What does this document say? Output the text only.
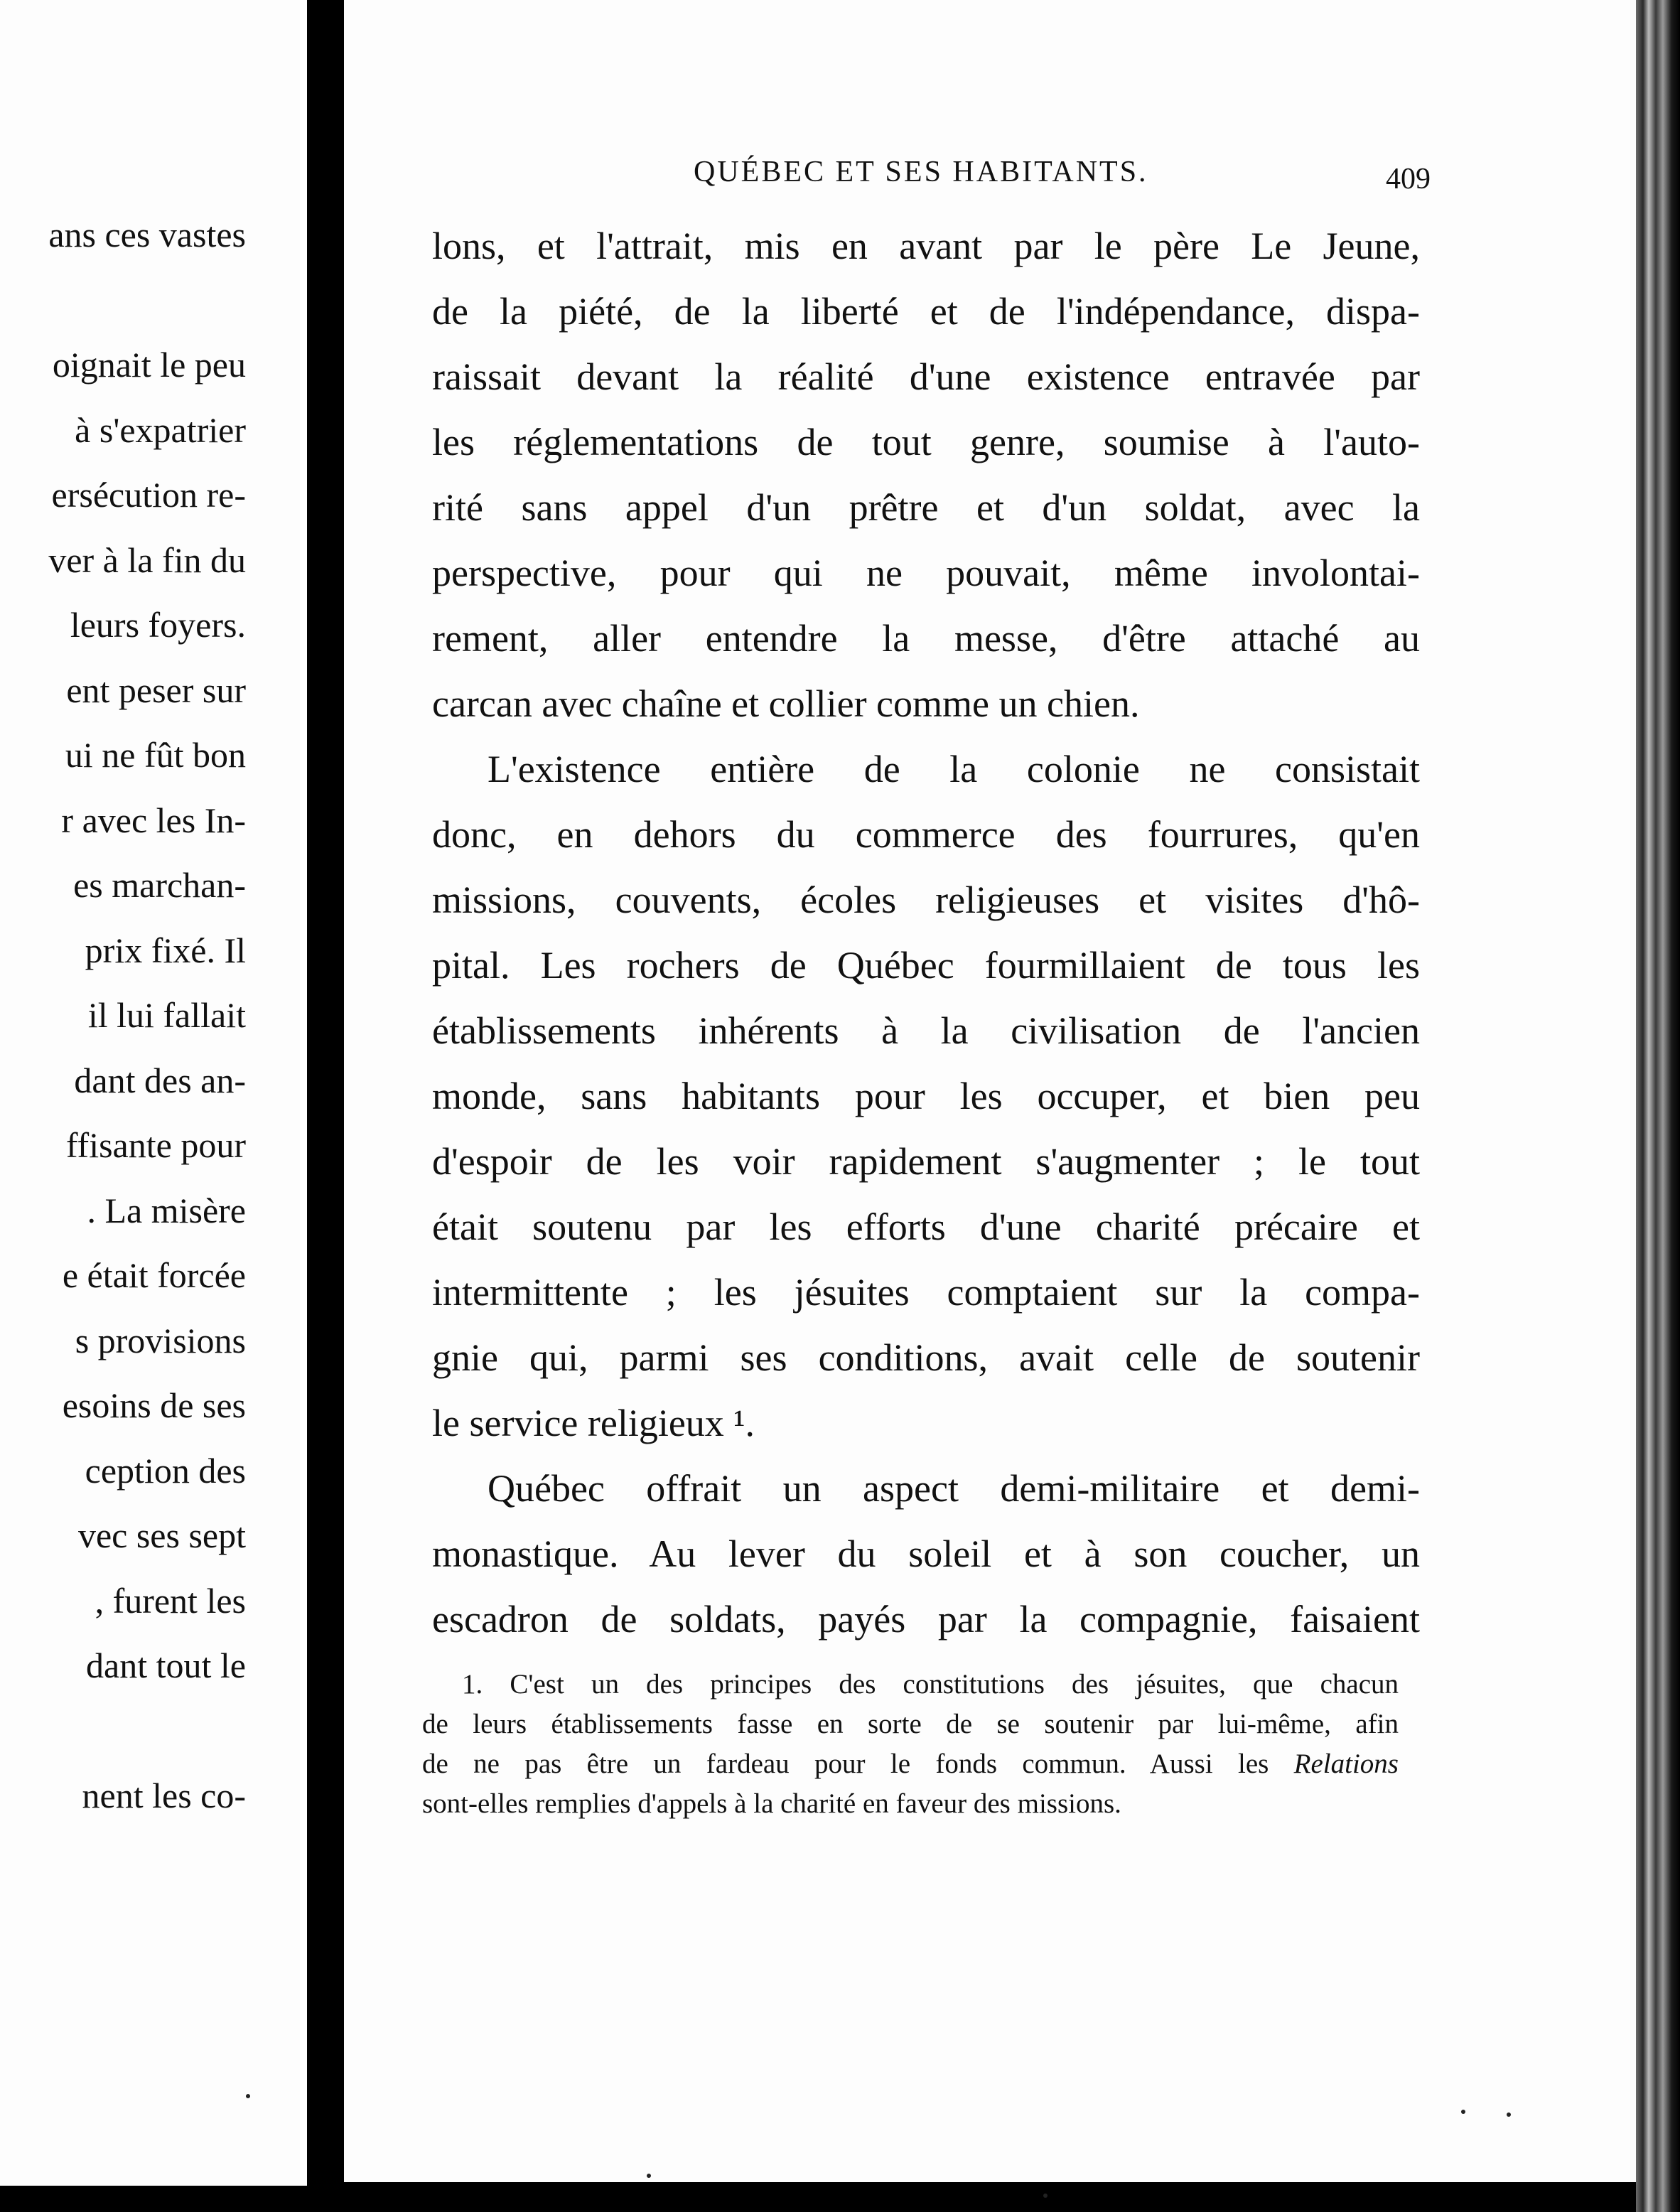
ans ces vastes
oignait le peu
à s'expatrier
ersécution re-
ver à la fin du
leurs foyers.
ent peser sur
ui ne fût bon
r avec les In-
es marchan-
prix fixé. Il
il lui fallait
dant des an-
ffisante pour
. La misère
e était forcée
s provisions
esoins de ses
ception des
vec ses sept
, furent les
dant tout le
nent les co-
QUÉBEC ET SES HABITANTS.	409
lons, et l'attrait, mis en avant par le père Le Jeune,
de la piété, de la liberté et de l'indépendance, dispa-
raissait devant la réalité d'une existence entravée par
les réglementations de tout genre, soumise à l'auto-
rité sans appel d'un prêtre et d'un soldat, avec la
perspective, pour qui ne pouvait, même involontai-
rement, aller entendre la messe, d'être attaché au
carcan avec chaîne et collier comme un chien.
L'existence entière de la colonie ne consistait
donc, en dehors du commerce des fourrures, qu'en
missions, couvents, écoles religieuses et visites d'hô-
pital. Les rochers de Québec fourmillaient de tous les
établissements inhérents à la civilisation de l'ancien
monde, sans habitants pour les occuper, et bien peu
d'espoir de les voir rapidement s'augmenter ; le tout
était soutenu par les efforts d'une charité précaire et
intermittente ; les jésuites comptaient sur la compa-
gnie qui, parmi ses conditions, avait celle de soutenir
le service religieux ¹.
Québec offrait un aspect demi-militaire et demi-
monastique. Au lever du soleil et à son coucher, un
escadron de soldats, payés par la compagnie, faisaient
1. C'est un des principes des constitutions des jésuites, que chacun
de leurs établissements fasse en sorte de se soutenir par lui-même, afin
de ne pas être un fardeau pour le fonds commun. Aussi les Relations
sont-elles remplies d'appels à la charité en faveur des missions.
